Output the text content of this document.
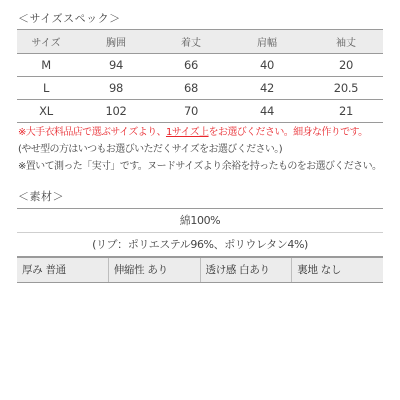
＜サイズスペック＞
サイズ	胸囲	着丈	肩幅	袖丈
M	94	66	40	20
L	98	68	42	20.5
XL	102	70	44	21
※大手衣料品店で選ぶサイズより、1サイズ上をお選びください。細身な作りです。
(やせ型の方はいつもお選びいただくサイズをお選びください。)
※置いて測った「実寸」です。ヌードサイズより余裕を持ったものをお選びください。
＜素材＞
綿100%
(リブ：ポリエステル96%、ポリウレタン4%)
厚み 普通	伸縮性 あり	透け感 白あり	裏地 なし
